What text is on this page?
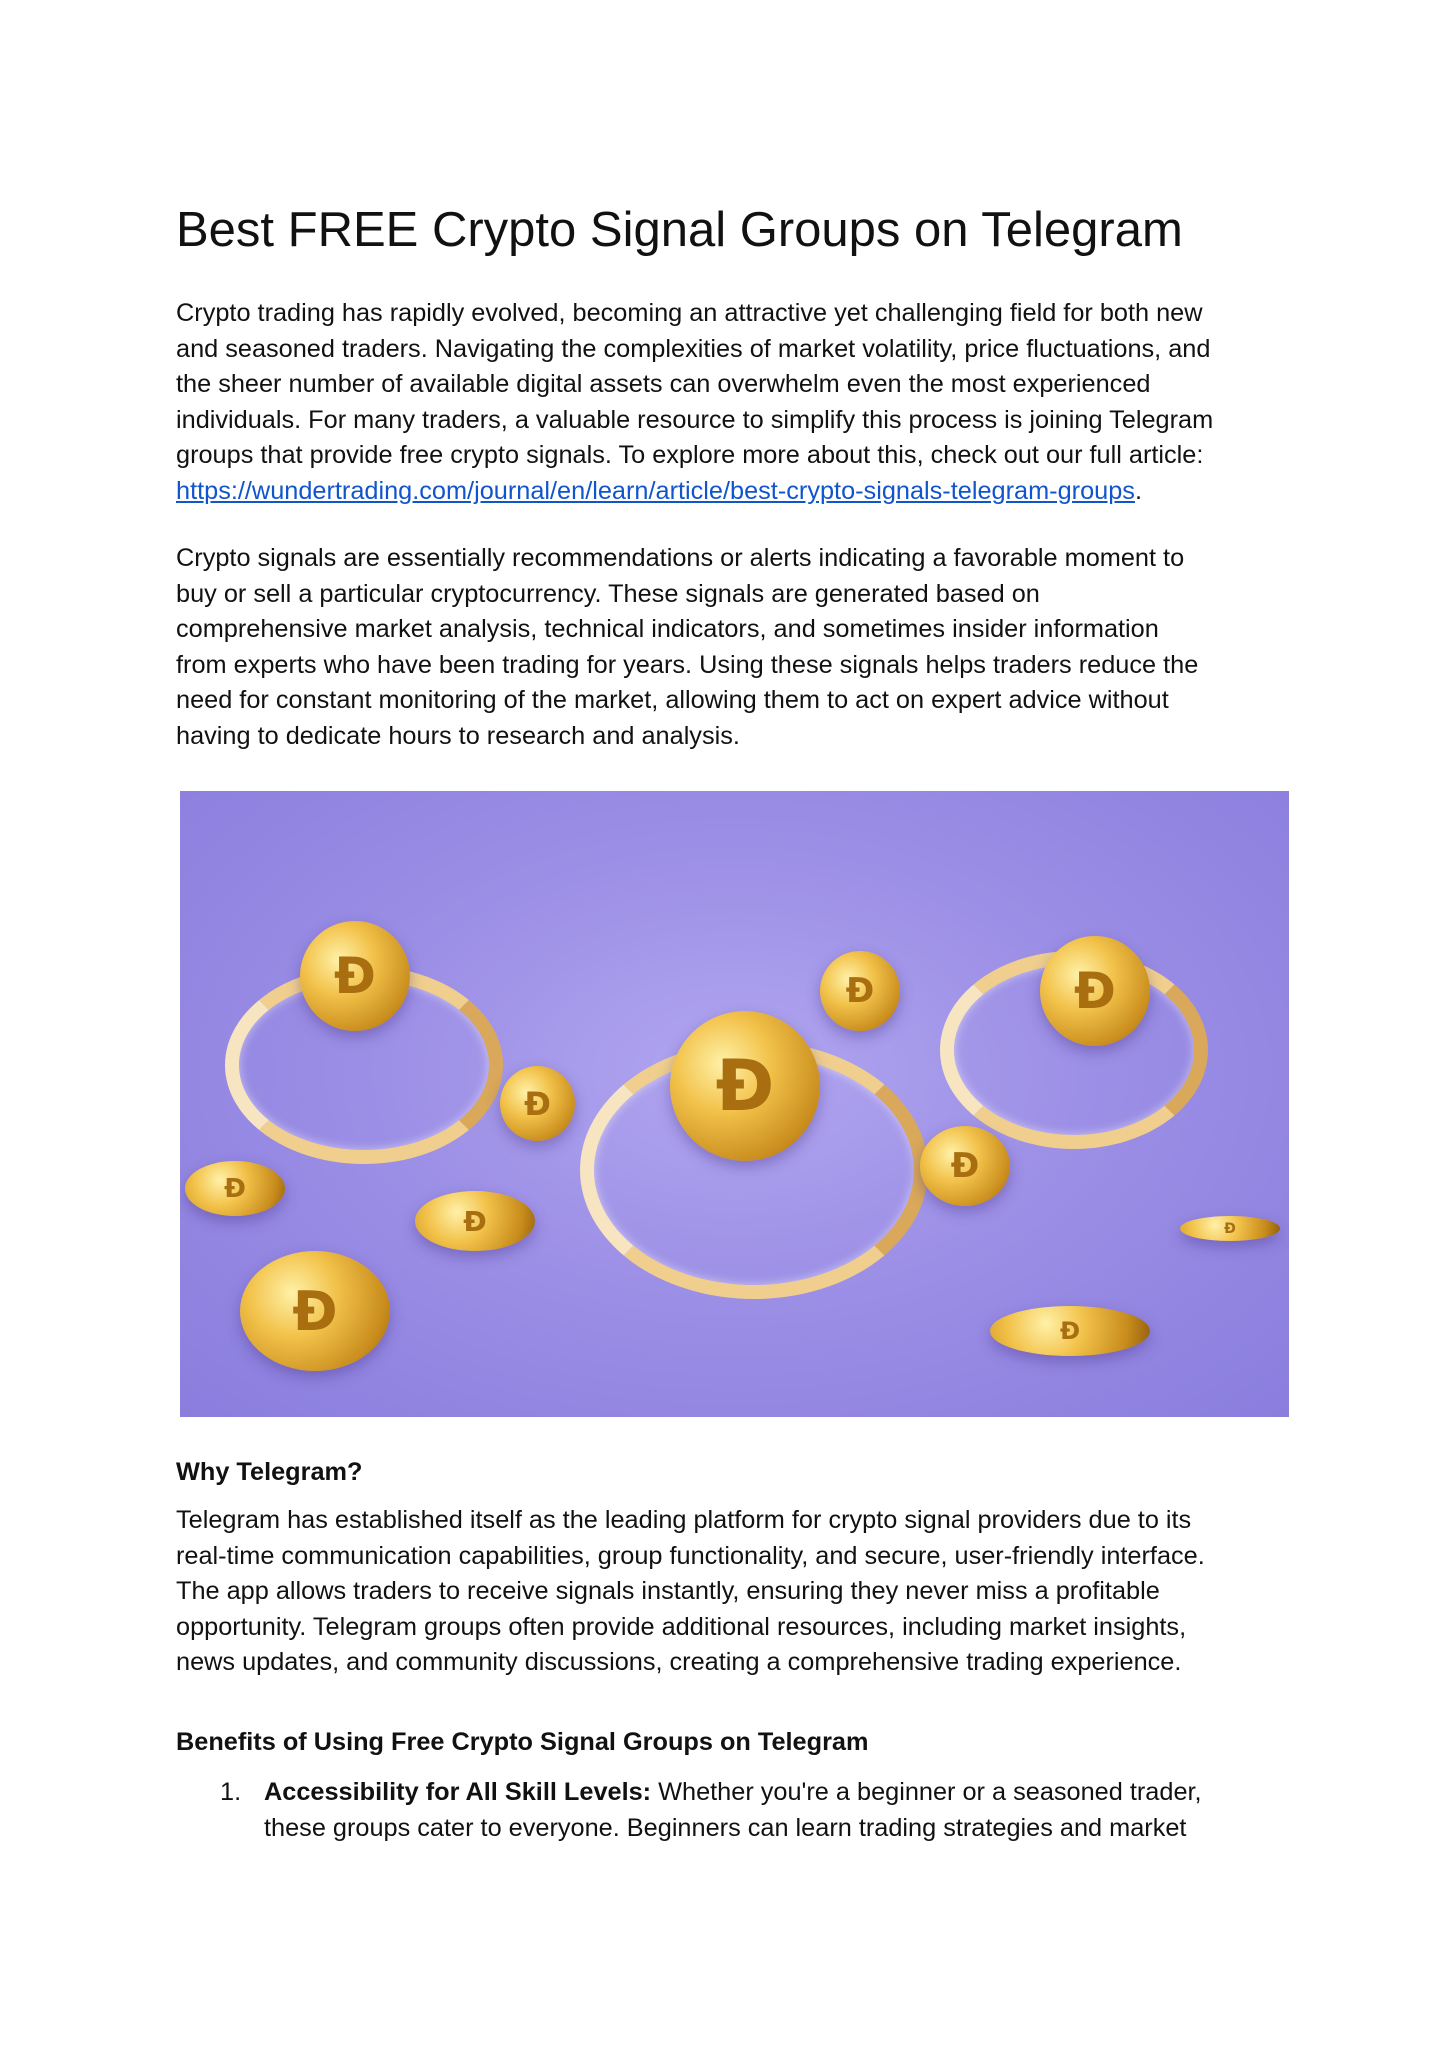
Best FREE Crypto Signal Groups on Telegram
Crypto trading has rapidly evolved, becoming an attractive yet challenging field for both new
and seasoned traders. Navigating the complexities of market volatility, price fluctuations, and
the sheer number of available digital assets can overwhelm even the most experienced
individuals. For many traders, a valuable resource to simplify this process is joining Telegram
groups that provide free crypto signals. To explore more about this, check out our full article:
https://wundertrading.com/journal/en/learn/article/best-crypto-signals-telegram-groups.
Crypto signals are essentially recommendations or alerts indicating a favorable moment to
buy or sell a particular cryptocurrency. These signals are generated based on
comprehensive market analysis, technical indicators, and sometimes insider information
from experts who have been trading for years. Using these signals helps traders reduce the
need for constant monitoring of the market, allowing them to act on expert advice without
having to dedicate hours to research and analysis.
Đ
Đ
Đ
Đ
Đ
Đ
Đ
Đ
Đ
Đ
Đ
Why Telegram?
Telegram has established itself as the leading platform for crypto signal providers due to its
real-time communication capabilities, group functionality, and secure, user-friendly interface.
The app allows traders to receive signals instantly, ensuring they never miss a profitable
opportunity. Telegram groups often provide additional resources, including market insights,
news updates, and community discussions, creating a comprehensive trading experience.
Benefits of Using Free Crypto Signal Groups on Telegram
1. Accessibility for All Skill Levels: Whether you're a beginner or a seasoned trader,
these groups cater to everyone. Beginners can learn trading strategies and market
